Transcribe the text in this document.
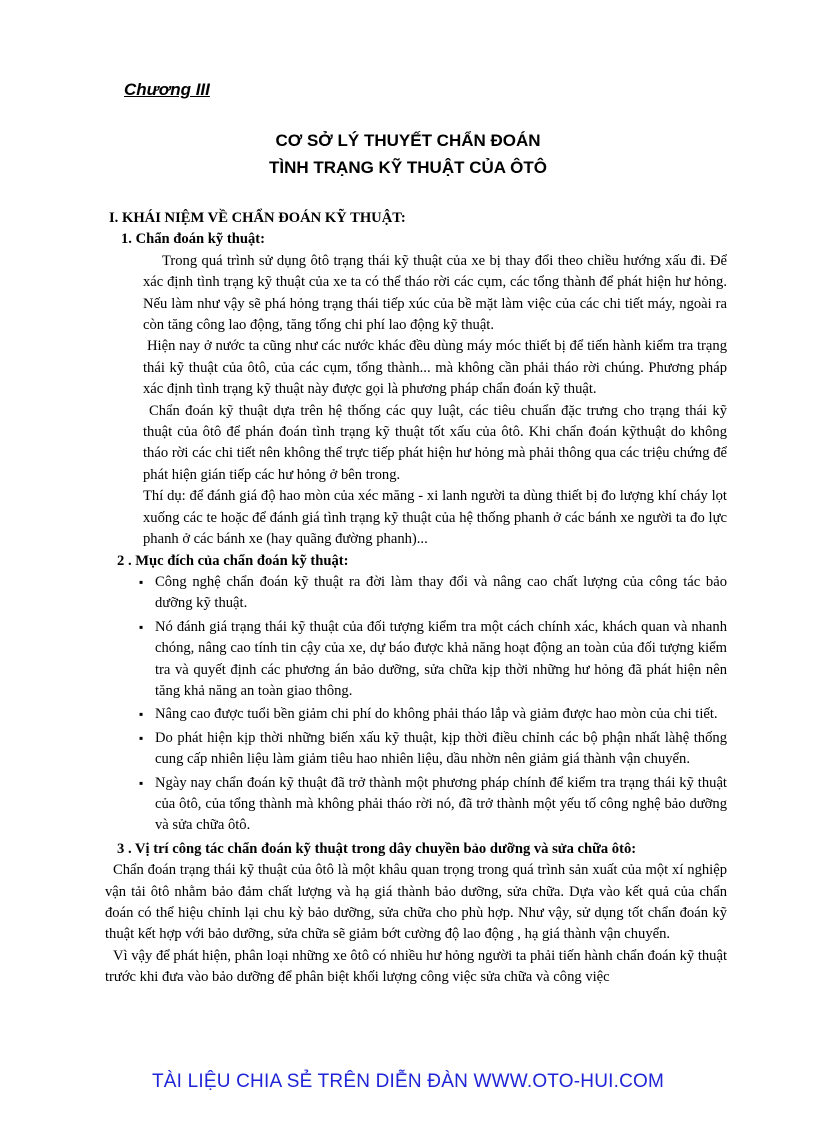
Chương III
CƠ SỞ LÝ THUYẾT CHẨN ĐOÁN
TÌNH TRẠNG KỸ THUẬT CỦA ÔTÔ

I. KHÁI NIỆM VỀ CHẨN ĐOÁN KỸ THUẬT:

1. Chẩn đoán kỹ thuật:

Trong quá trình sử dụng ôtô trạng thái kỹ thuật của xe bị thay đổi theo chiều hướng xấu đi. Để xác định tình trạng kỹ thuật của xe ta có thể tháo rời các cụm, các tổng thành để phát hiện hư hỏng. Nếu làm như vậy sẽ phá hỏng trạng thái tiếp xúc của bề mặt làm việc của các chi tiết máy, ngoài ra còn tăng công lao động, tăng tổng chi phí lao động kỹ thuật.

Hiện nay ở nước ta cũng như các nước khác đều dùng máy móc thiết bị để tiến hành kiểm tra trạng thái kỹ thuật của ôtô, của các cụm, tổng thành... mà không cần phải tháo rời chúng. Phương pháp xác định tình trạng kỹ thuật này được gọi là phương pháp chẩn đoán kỹ thuật.

Chẩn đoán kỹ thuật dựa trên hệ thống các quy luật, các tiêu chuẩn đặc trưng cho trạng thái kỹ thuật của ôtô để phán đoán tình trạng kỹ thuật tốt xấu của ôtô. Khi chẩn đoán kỹthuật do không tháo rời các chi tiết nên không thể trực tiếp phát hiện hư hỏng mà phải thông qua các triệu chứng để phát hiện gián tiếp các hư hỏng ở bên trong.

Thí dụ: để đánh giá độ hao mòn của xéc măng - xi lanh người ta dùng thiết bị đo lượng khí cháy lọt xuống các te hoặc để đánh giá tình trạng kỹ thuật của hệ thống phanh ở các bánh xe người ta đo lực phanh ở các bánh xe (hay quãng đường phanh)...

2 . Mục đích của chẩn đoán kỹ thuật:

▪ Công nghệ chẩn đoán kỹ thuật ra đời làm thay đổi và nâng cao chất lượng của công tác bảo dưỡng kỹ thuật.
▪ Nó đánh giá trạng thái kỹ thuật của đối tượng kiểm tra một cách chính xác, khách quan và nhanh chóng, nâng cao tính tin cậy của xe, dự báo được khả năng hoạt động an toàn của đối tượng kiểm tra và quyết định các phương án bảo dưỡng, sửa chữa kịp thời những hư hỏng đã phát hiện nên tăng khả năng an toàn giao thông.
▪ Nâng cao được tuổi bền giảm chi phí do không phải tháo lắp và giảm được hao mòn của chi tiết.
▪ Do phát hiện kịp thời những biến xấu kỹ thuật, kịp thời điều chỉnh các bộ phận nhất làhệ thống cung cấp nhiên liệu làm giảm tiêu hao nhiên liệu, dầu nhờn nên giảm giá thành vận chuyển.
▪ Ngày nay chẩn đoán kỹ thuật đã trở thành một phương pháp chính để kiểm tra trạng thái kỹ thuật của ôtô, của tổng thành mà không phải tháo rời nó, đã trở thành một yếu tố công nghệ bảo dưỡng và sửa chữa ôtô.

3 . Vị trí công tác chẩn đoán kỹ thuật trong dây chuyền bảo dưỡng và sửa chữa ôtô:

Chẩn đoán trạng thái kỹ thuật của ôtô là một khâu quan trọng trong quá trình sản xuất của một xí nghiệp vận tải ôtô nhằm bảo đảm chất lượng và hạ giá thành bảo dưỡng, sửa chữa. Dựa vào kết quả của chẩn đoán có thể hiệu chỉnh lại chu kỳ bảo dưỡng, sửa chữa cho phù hợp. Như vậy, sử dụng tốt chẩn đoán kỹ thuật kết hợp với bảo dưỡng, sửa chữa sẽ giảm bớt cường độ lao động , hạ giá thành vận chuyển.

Vì vậy để phát hiện, phân loại những xe ôtô có nhiều hư hỏng người ta phải tiến hành chẩn đoán kỹ thuật trước khi đưa vào bảo dưỡng để phân biệt khối lượng công việc sửa chữa và công việc

TÀI LIỆU CHIA SẺ TRÊN DIỄN ĐÀN WWW.OTO-HUI.COM
